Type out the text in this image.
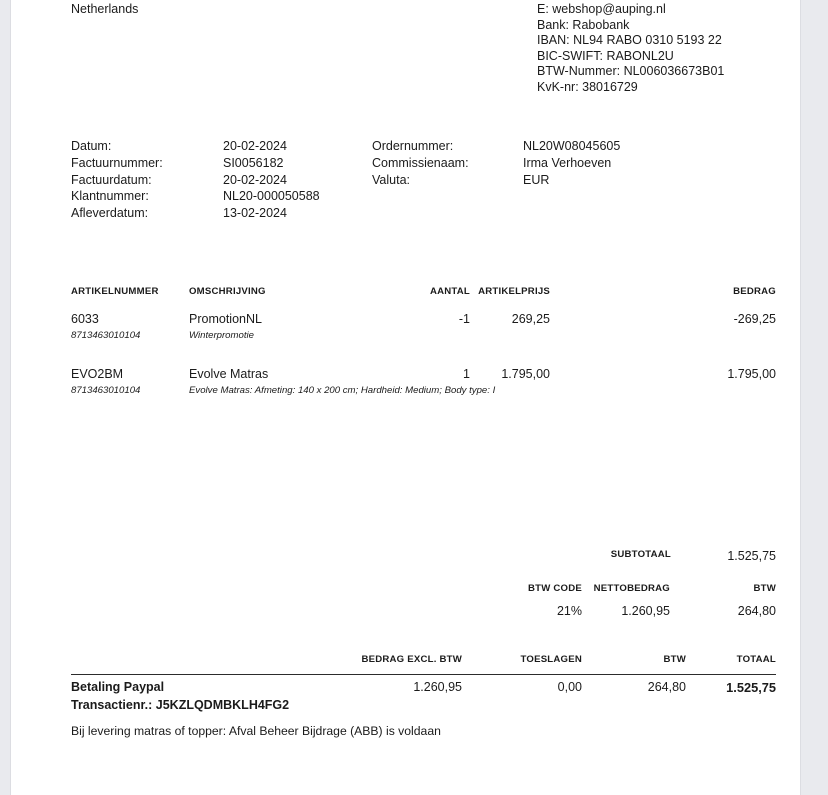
Netherlands	E: webshop@auping.nl
Bank: Rabobank
IBAN: NL94 RABO 0310 5193 22
BIC-SWIFT: RABONL2U
BTW-Nummer: NL006036673B01
KvK-nr: 38016729
Datum:	20-02-2024	Ordernummer:	NL20W08045605
Factuurnummer:	SI0056182	Commissienaam:	Irma Verhoeven
Factuurdatum:	20-02-2024	Valuta:	EUR
Klantnummer:	NL20-000050588
Afleverdatum:	13-02-2024
ARTIKELNUMMER	OMSCHRIJVING	AANTAL ARTIKELPRIJS	BEDRAG
6033	PromotionNL	-1	269,25	-269,25
8713463010104	Winterpromotie
EVO2BM	Evolve Matras	1	1.795,00	1.795,00
8713463010104	Evolve Matras: Afmeting: 140 x 200 cm; Hardheid: Medium; Body type: I
SUBTOTAAL	1.525,75
BTW CODE	NETTOBEDRAG	BTW
21%	1.260,95	264,80
BEDRAG EXCL. BTW	TOESLAGEN	BTW	TOTAAL
Betaling Paypal	1.260,95	0,00	264,80	1.525,75
Transactienr.: J5KZLQDMBKLH4FG2
Bij levering matras of topper: Afval Beheer Bijdrage (ABB) is voldaan
